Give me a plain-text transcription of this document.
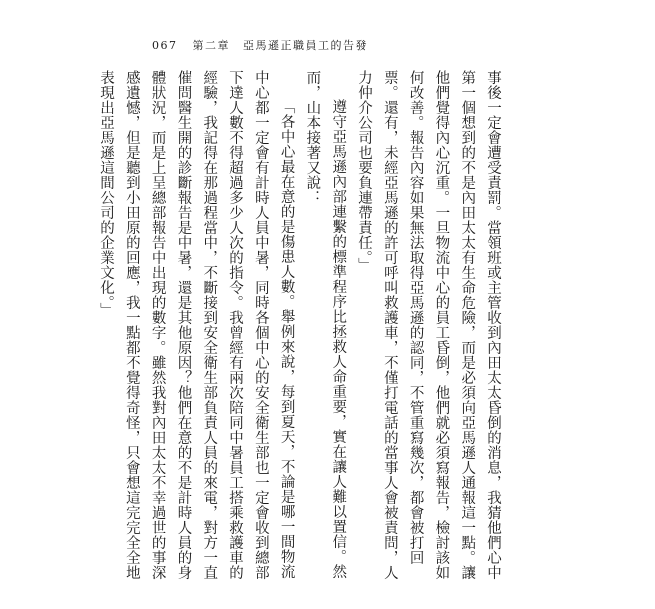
067 第二章 亞馬遜正職員工的告發

事後一定會遭受責罰。當領班或主管收到內田太太昏倒的消息，我猜他們心中第一個想到的不是內田太太有生命危險，而是必須向亞馬遜人通報這一點。讓他們覺得內心沉重。一旦物流中心的員工昏倒，他們就必須寫報告，檢討該如何改善。報告內容如果無法取得亞馬遜的認同，不管重寫幾次，都會被打回票。還有，未經亞馬遜的許可呼叫救護車，不僅打電話的當事人會被責問，人力仲介公司也要負連帶責任。」

遵守亞馬遜內部連繫的標準程序比拯救人命重要，實在讓人難以置信。然而，山本接著又說：

「各中心最在意的是傷患人數。舉例來說，每到夏天，不論是哪一間物流中心都一定會有計時人員中暑，同時各個中心的安全衛生部也一定會收到總部下達人數不得超過多少人次的指令。我曾經有兩次陪同中暑員工搭乘救護車的經驗，我記得在那過程當中，不斷接到安全衛生部負責人員的來電，對方一直催問醫生開的診斷報告是中暑，還是其他原因？他們在意的不是計時人員的身體狀況，而是上呈總部報告中出現的數字。雖然我對內田太太不幸過世的事深感遺憾，但是聽到小田原的回應，我一點都不覺得奇怪，只會想這完完全全地表現出亞馬遜這間公司的企業文化。」
